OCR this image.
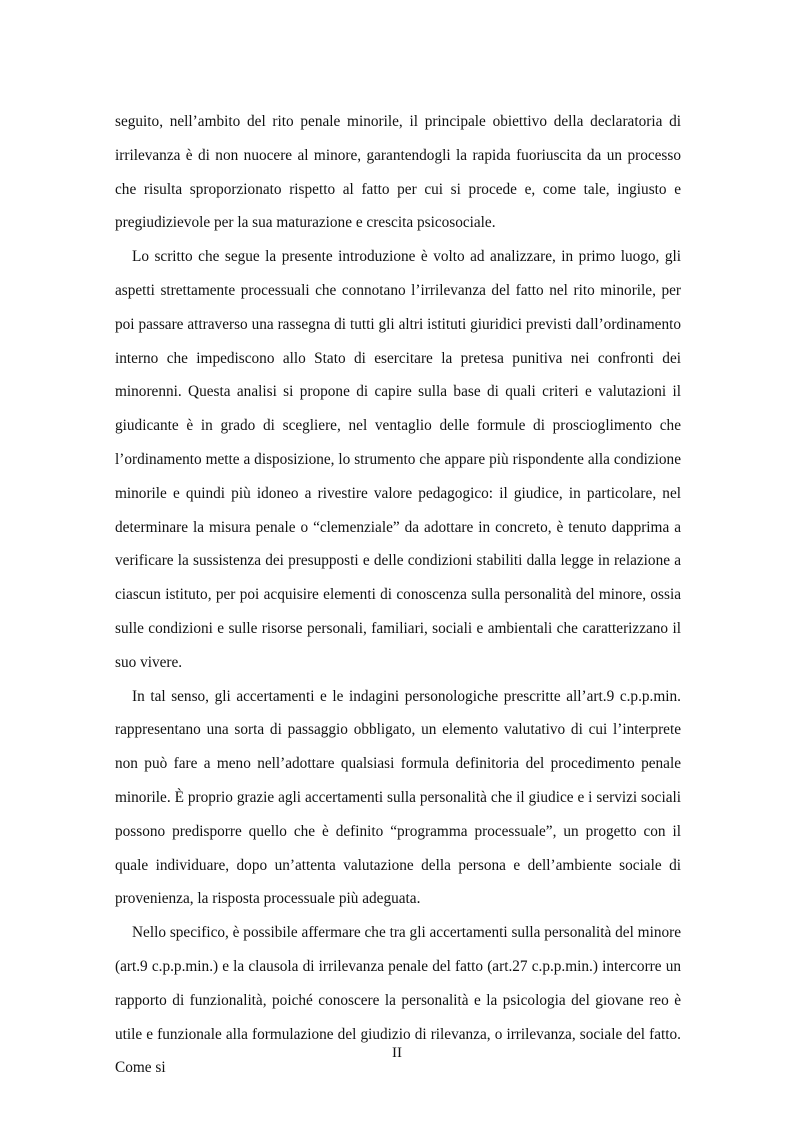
seguito, nell’ambito del rito penale minorile, il principale obiettivo della declaratoria di irrilevanza è di non nuocere al minore, garantendogli la rapida fuoriuscita da un processo che risulta sproporzionato rispetto al fatto per cui si procede e, come tale, ingiusto e pregiudizievole per la sua maturazione e crescita psicosociale.

Lo scritto che segue la presente introduzione è volto ad analizzare, in primo luogo, gli aspetti strettamente processuali che connotano l’irrilevanza del fatto nel rito minorile, per poi passare attraverso una rassegna di tutti gli altri istituti giuridici previsti dall’ordinamento interno che impediscono allo Stato di esercitare la pretesa punitiva nei confronti dei minorenni. Questa analisi si propone di capire sulla base di quali criteri e valutazioni il giudicante è in grado di scegliere, nel ventaglio delle formule di proscioglimento che l’ordinamento mette a disposizione, lo strumento che appare più rispondente alla condizione minorile e quindi più idoneo a rivestire valore pedagogico: il giudice, in particolare, nel determinare la misura penale o “clemenziale” da adottare in concreto, è tenuto dapprima a verificare la sussistenza dei presupposti e delle condizioni stabiliti dalla legge in relazione a ciascun istituto, per poi acquisire elementi di conoscenza sulla personalità del minore, ossia sulle condizioni e sulle risorse personali, familiari, sociali e ambientali che caratterizzano il suo vivere.

In tal senso, gli accertamenti e le indagini personologiche prescritte all’art.9 c.p.p.min. rappresentano una sorta di passaggio obbligato, un elemento valutativo di cui l’interprete non può fare a meno nell’adottare qualsiasi formula definitoria del procedimento penale minorile. È proprio grazie agli accertamenti sulla personalità che il giudice e i servizi sociali possono predisporre quello che è definito “programma processuale”, un progetto con il quale individuare, dopo un’attenta valutazione della persona e dell’ambiente sociale di provenienza, la risposta processuale più adeguata.

Nello specifico, è possibile affermare che tra gli accertamenti sulla personalità del minore (art.9 c.p.p.min.) e la clausola di irrilevanza penale del fatto (art.27 c.p.p.min.) intercorre un rapporto di funzionalità, poiché conoscere la personalità e la psicologia del giovane reo è utile e funzionale alla formulazione del giudizio di rilevanza, o irrilevanza, sociale del fatto. Come si

II
